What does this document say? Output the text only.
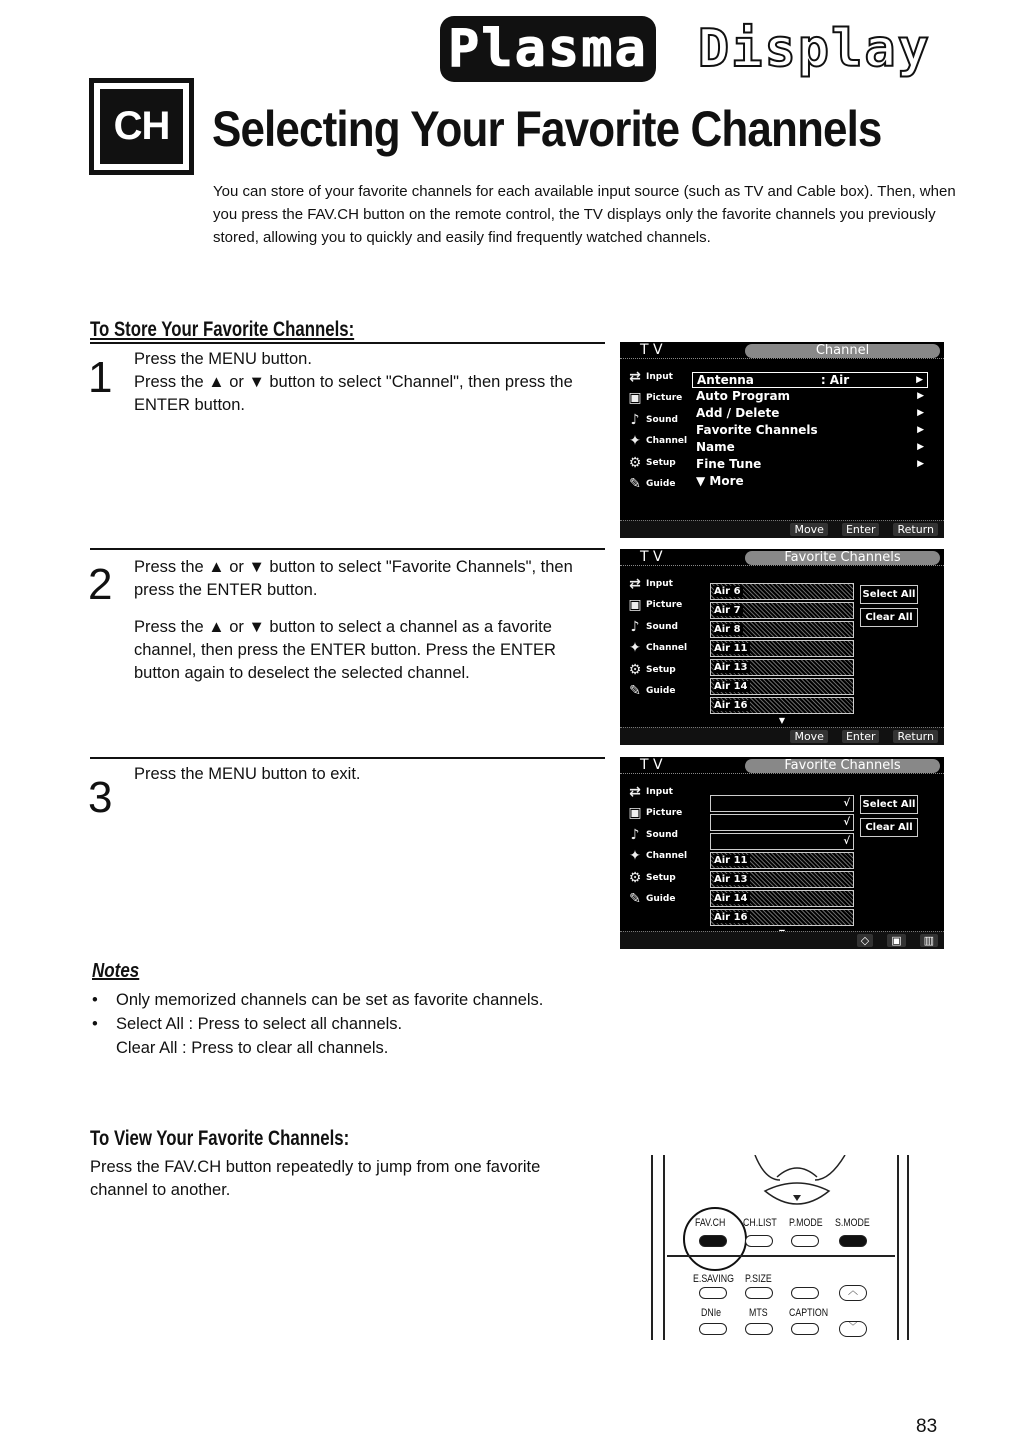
Plasma Display
CH Selecting Your Favorite Channels
You can store of your favorite channels for each available input source (such as TV and Cable box). Then, when you press the FAV.CH button on the remote control, the TV displays only the favorite channels you previously stored, allowing you to quickly and easily find frequently watched channels.
To Store Your Favorite Channels:
1 Press the MENU button.
Press the ▲ or ▼ button to select "Channel", then press the ENTER button.

2 Press the ▲ or ▼ button to select "Favorite Channels", then press the ENTER button.

Press the ▲ or ▼ button to select a channel as a favorite channel, then press the ENTER button. Press the ENTER button again to deselect the selected channel.

3 Press the MENU button to exit.

T V	Channel
⇄ Input
▣ Picture
♪ Sound
✦ Channel
⚙ Setup
✎ Guide
Antenna	: Air	▶
Auto Program	▶
Add / Delete	▶
Favorite Channels	▶
Name	▶
Fine Tune	▶
▼ More
Move	Enter	Return
T V	Favorite Channels
⇄ Input
▣ Picture
♪ Sound
✦ Channel
⚙ Setup
✎ Guide
Air 6
Air 7
Air 8
Air 11
Air 13
Air 14
Air 16
▼
Select All
Clear All
Move	Enter	Return
T V	Favorite Channels
⇄ Input
▣ Picture
♪ Sound
✦ Channel
⚙ Setup
✎ Guide
√
√
√
Air 11
Air 13
Air 14
Air 16
Select All
Clear All
◇	▣	▥
Notes
•	Only memorized channels can be set as favorite channels.
•	Select All : Press to select all channels.
Clear All : Press to clear all channels.
To View Your Favorite Channels:
Press the FAV.CH button repeatedly to jump from one favorite channel to another.
FAV.CH CH.LIST P.MODE S.MODE
E.SAVING P.SIZE
︿
DNIe	MTS CAPTION
﹀
83
